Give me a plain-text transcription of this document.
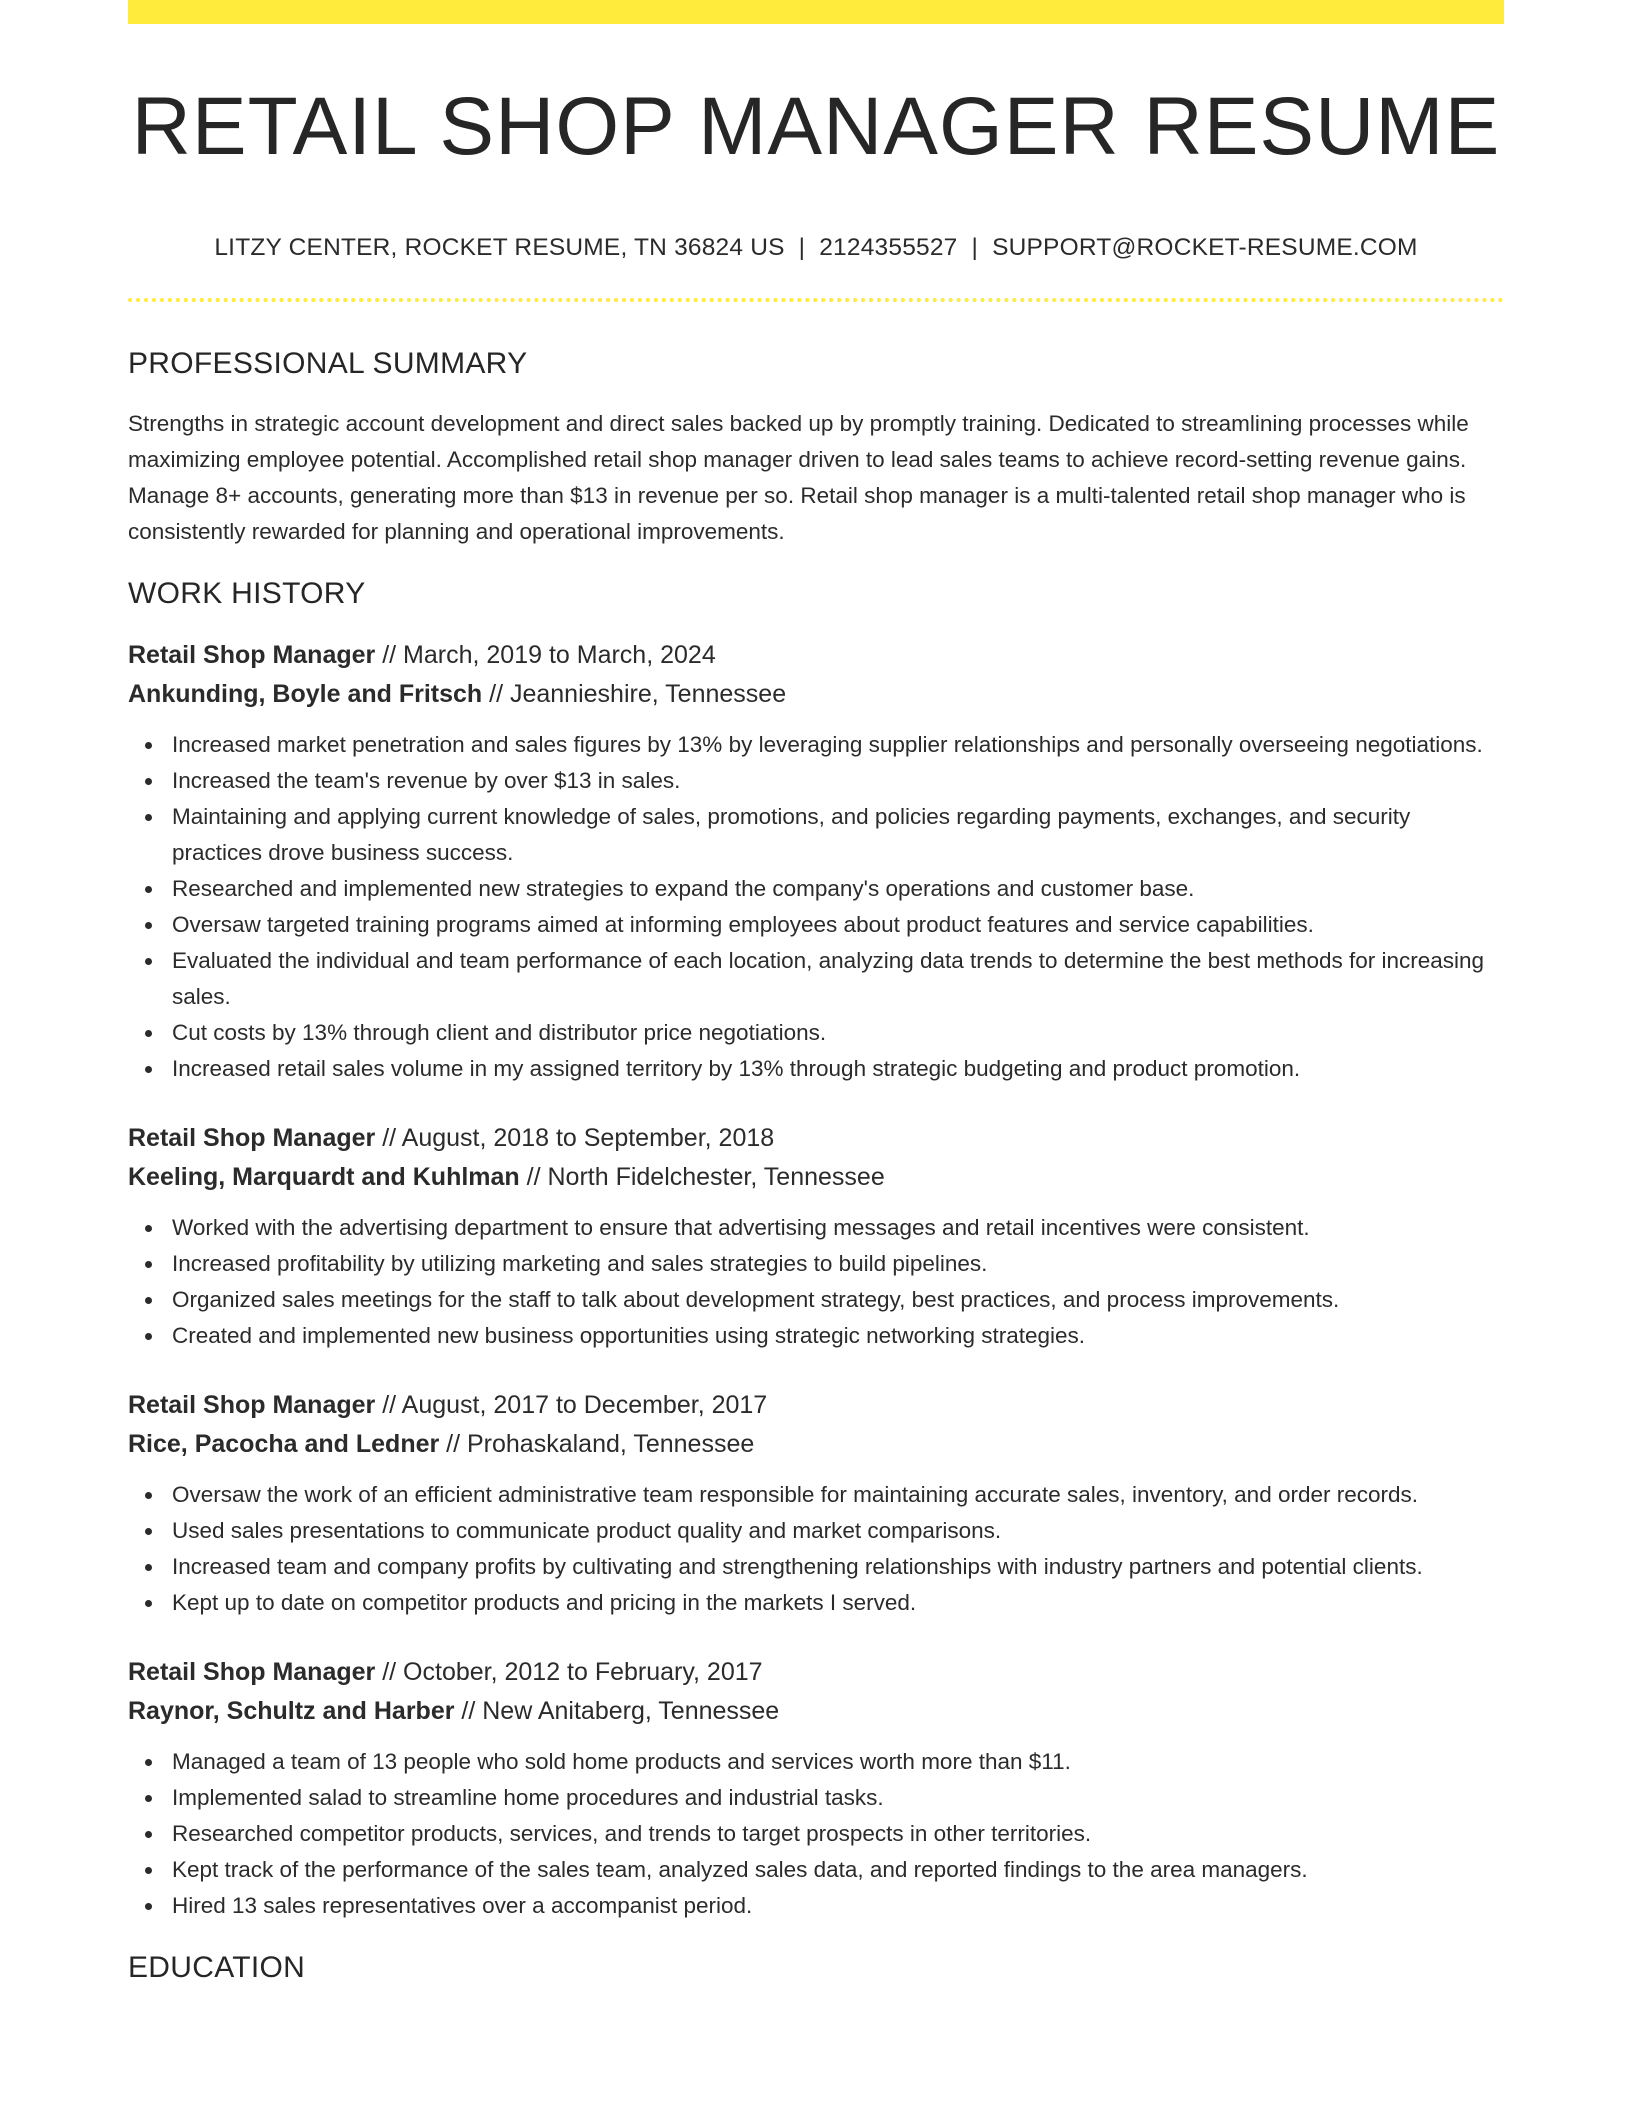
RETAIL SHOP MANAGER RESUME
LITZY CENTER, ROCKET RESUME, TN 36824 US | 2124355527 | SUPPORT@ROCKET-RESUME.COM
PROFESSIONAL SUMMARY

Strengths in strategic account development and direct sales backed up by promptly training. Dedicated to streamlining processes while maximizing employee potential. Accomplished retail shop manager driven to lead sales teams to achieve record-setting revenue gains. Manage 8+ accounts, generating more than $13 in revenue per so. Retail shop manager is a multi-talented retail shop manager who is consistently rewarded for planning and operational improvements.

WORK HISTORY
Retail Shop Manager // March, 2019 to March, 2024
Ankunding, Boyle and Fritsch // Jeannieshire, Tennessee
Increased market penetration and sales figures by 13% by leveraging supplier relationships and personally overseeing negotiations.
Increased the team's revenue by over $13 in sales.
Maintaining and applying current knowledge of sales, promotions, and policies regarding payments, exchanges, and security practices drove business success.
Researched and implemented new strategies to expand the company's operations and customer base.
Oversaw targeted training programs aimed at informing employees about product features and service capabilities.
Evaluated the individual and team performance of each location, analyzing data trends to determine the best methods for increasing sales.
Cut costs by 13% through client and distributor price negotiations.
Increased retail sales volume in my assigned territory by 13% through strategic budgeting and product promotion.
Retail Shop Manager // August, 2018 to September, 2018
Keeling, Marquardt and Kuhlman // North Fidelchester, Tennessee
Worked with the advertising department to ensure that advertising messages and retail incentives were consistent.
Increased profitability by utilizing marketing and sales strategies to build pipelines.
Organized sales meetings for the staff to talk about development strategy, best practices, and process improvements.
Created and implemented new business opportunities using strategic networking strategies.
Retail Shop Manager // August, 2017 to December, 2017
Rice, Pacocha and Ledner // Prohaskaland, Tennessee
Oversaw the work of an efficient administrative team responsible for maintaining accurate sales, inventory, and order records.
Used sales presentations to communicate product quality and market comparisons.
Increased team and company profits by cultivating and strengthening relationships with industry partners and potential clients.
Kept up to date on competitor products and pricing in the markets I served.
Retail Shop Manager // October, 2012 to February, 2017
Raynor, Schultz and Harber // New Anitaberg, Tennessee
Managed a team of 13 people who sold home products and services worth more than $11.
Implemented salad to streamline home procedures and industrial tasks.
Researched competitor products, services, and trends to target prospects in other territories.
Kept track of the performance of the sales team, analyzed sales data, and reported findings to the area managers.
Hired 13 sales representatives over a accompanist period.
EDUCATION
